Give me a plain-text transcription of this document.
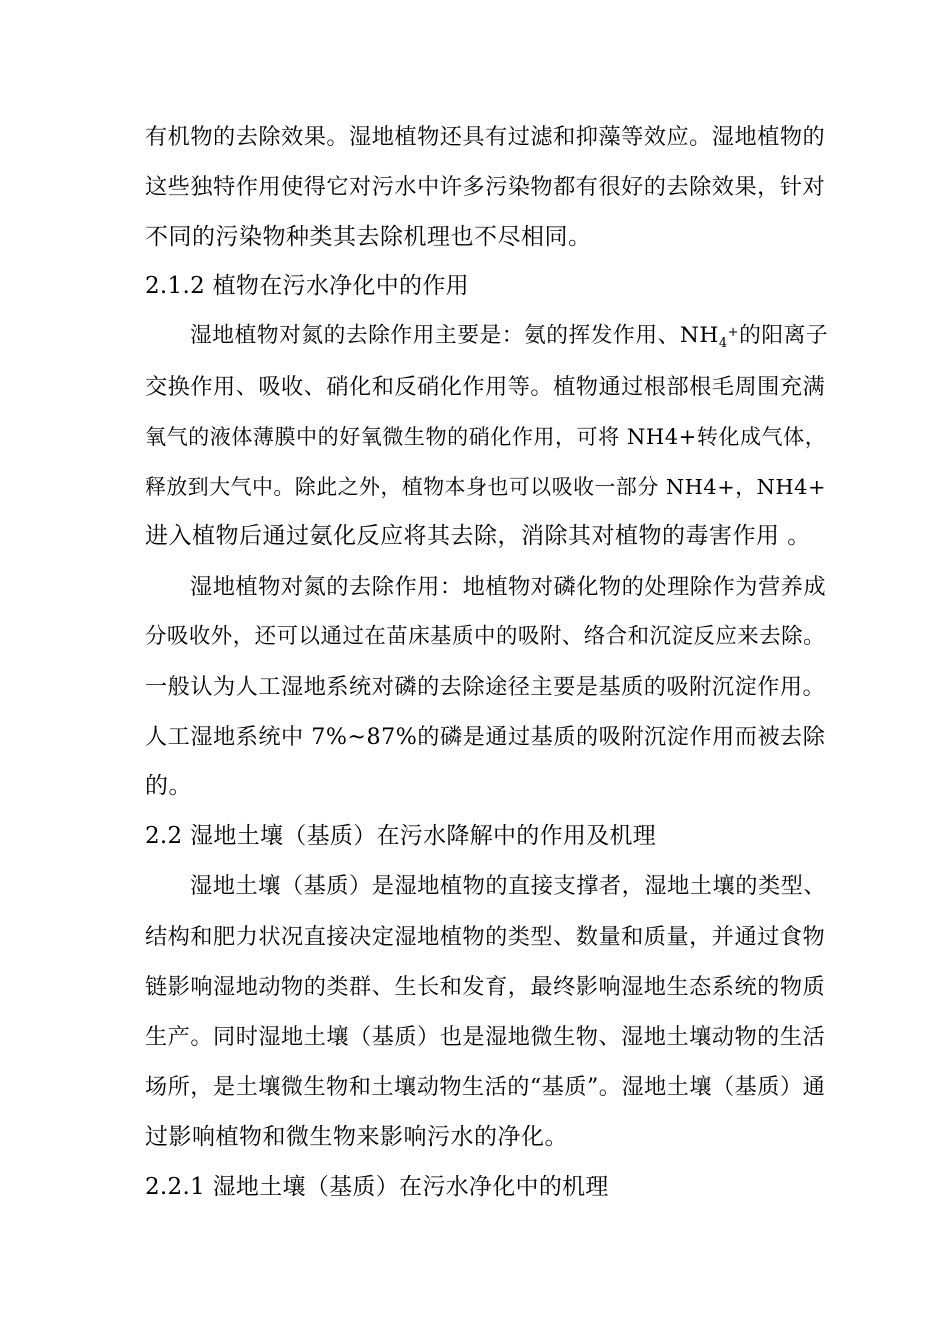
有机物的去除效果。湿地植物还具有过滤和抑藻等效应。湿地植物的
这些独特作用使得它对污水中许多污染物都有很好的去除效果，针对
不同的污染物种类其去除机理也不尽相同。
2.1.2 植物在污水净化中的作用
湿地植物对氮的去除作用主要是：氨的挥发作用、$NH_4^+$的阳离子
交换作用、吸收、硝化和反硝化作用等。植物通过根部根毛周围充满
氧气的液体薄膜中的好氧微生物的硝化作用，可将 NH4+转化成气体，
释放到大气中。除此之外，植物本身也可以吸收一部分 NH4+，NH4+
进入植物后通过氨化反应将其去除，消除其对植物的毒害作用 。
湿地植物对氮的去除作用：地植物对磷化物的处理除作为营养成
分吸收外，还可以通过在苗床基质中的吸附、络合和沉淀反应来去除。
一般认为人工湿地系统对磷的去除途径主要是基质的吸附沉淀作用。
人工湿地系统中 7%~87%的磷是通过基质的吸附沉淀作用而被去除
的。
2.2 湿地土壤（基质）在污水降解中的作用及机理
湿地土壤（基质）是湿地植物的直接支撑者，湿地土壤的类型、
结构和肥力状况直接决定湿地植物的类型、数量和质量，并通过食物
链影响湿地动物的类群、生长和发育，最终影响湿地生态系统的物质
生产。同时湿地土壤（基质）也是湿地微生物、湿地土壤动物的生活
场所，是土壤微生物和土壤动物生活的“基质”。湿地土壤（基质）通
过影响植物和微生物来影响污水的净化。
2.2.1 湿地土壤（基质）在污水净化中的机理
